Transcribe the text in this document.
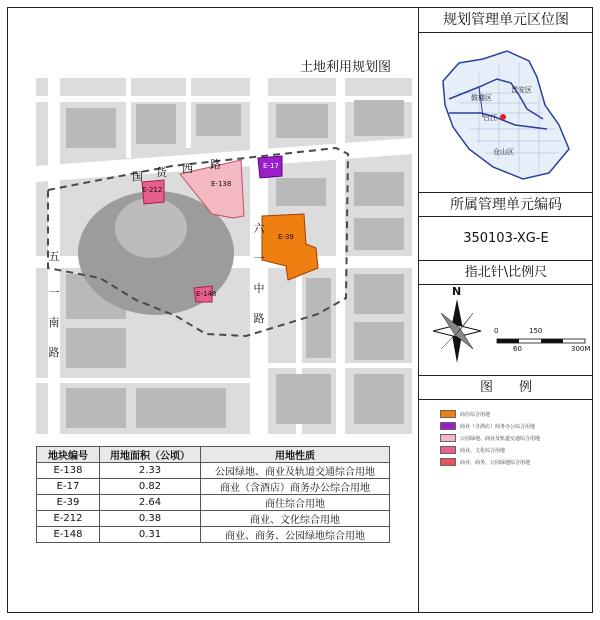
土地利用规划图
E-212
E-138
E-17
E-39
E-148
国 货 西 路
六
一
中
路
五
一
南
路
地块编号	用地面积（公顷）	用地性质
E-138	2.33	公园绿地、商业及轨道交通综合用地
E-17	0.82	商业（含酒店）商务办公综合用地
E-39	2.64	商住综合用地
E-212	0.38	商业、文化综合用地
E-148	0.31	商业、商务、公园绿地综合用地
规划管理单元区位图
鼓楼区
晋安区
台江
仓山区
所属管理单元编码
350103-XG-E
指北针\比例尺
N
0	150
60	300M
图　　例
商住综合用地
商业（含酒店）商务办公综合用地
公园绿地、商业及轨道交通综合用地
商业、文化综合用地
商业、商务、公园绿地综合用地
